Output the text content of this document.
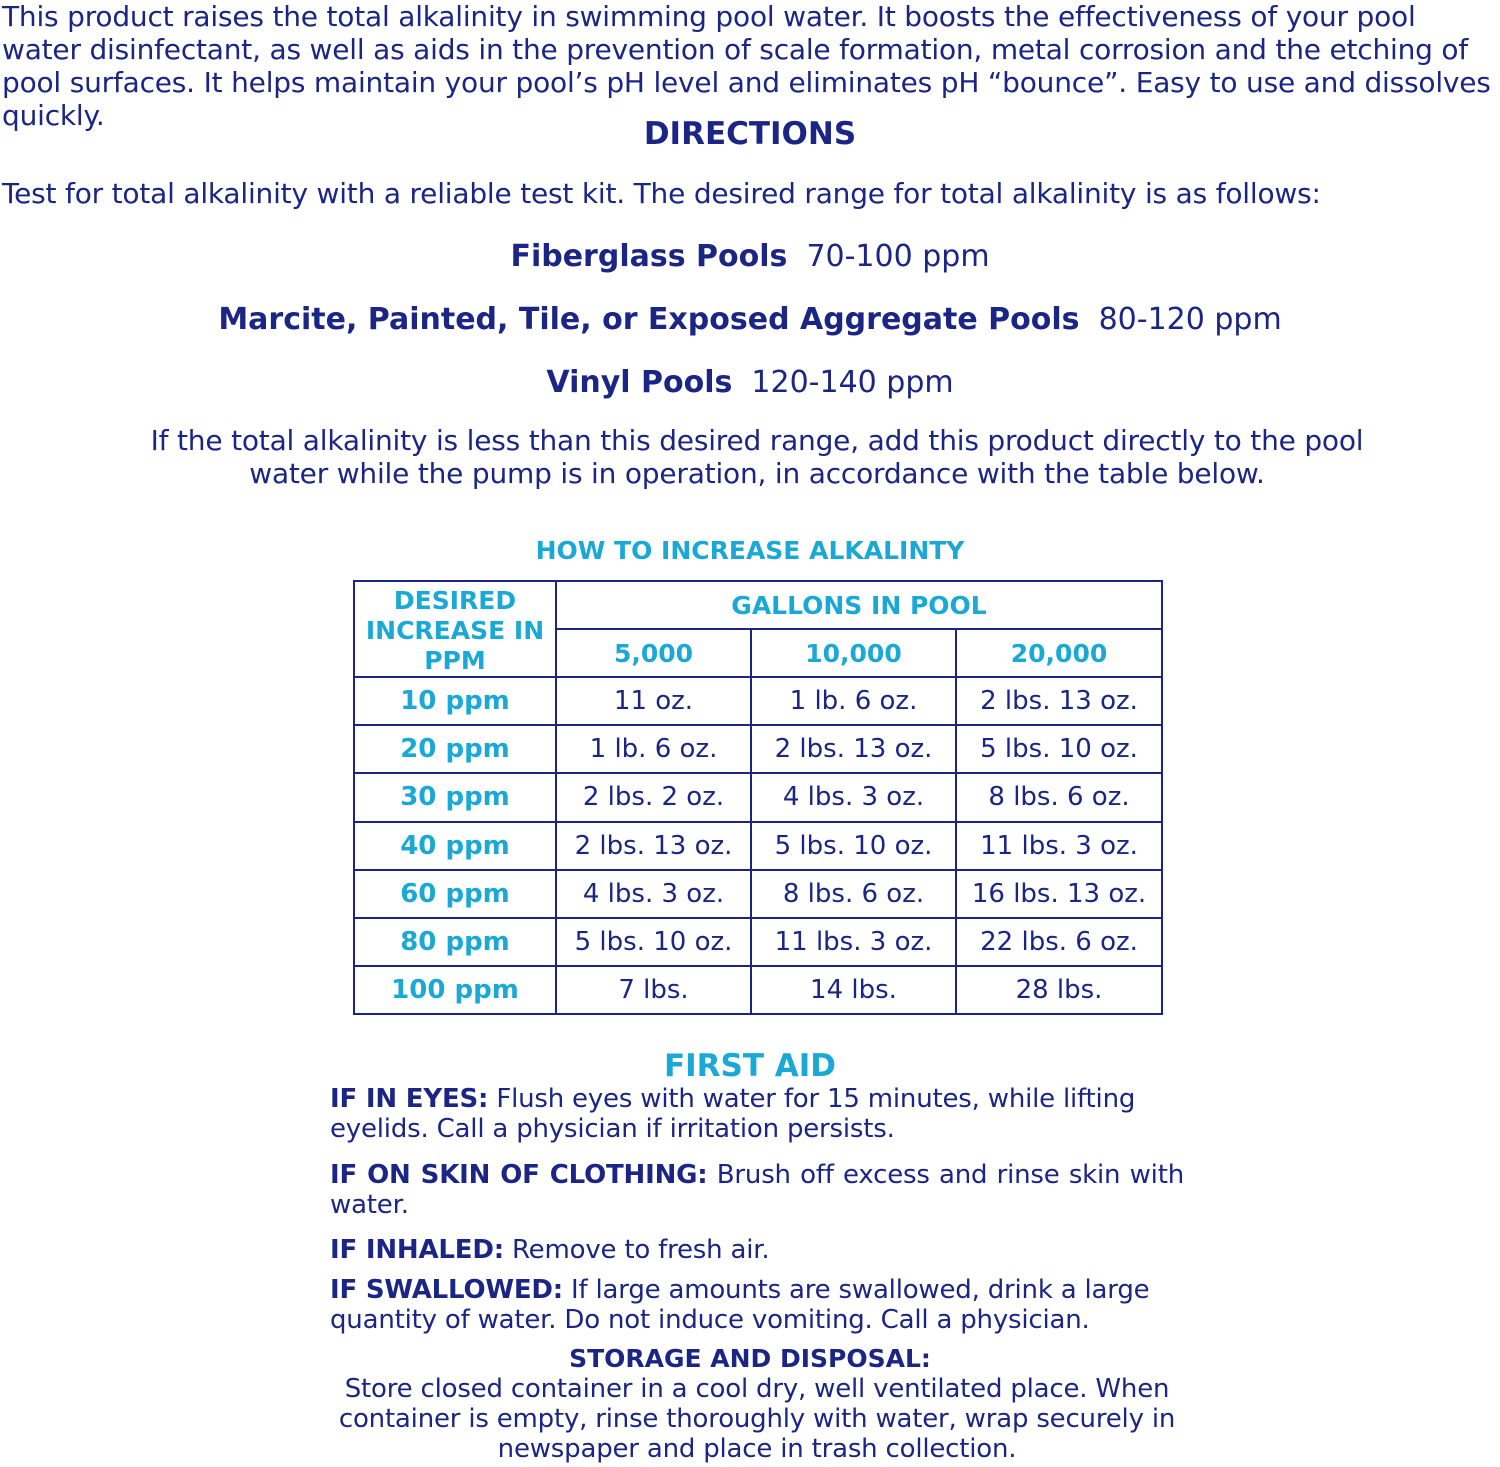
This product raises the total alkalinity in swimming pool water. It boosts the effectiveness of your pool water disinfectant, as well as aids in the prevention of scale formation, metal corrosion and the etching of pool surfaces. It helps maintain your pool’s pH level and eliminates pH “bounce”. Easy to use and dissolves quickly.
DIRECTIONS
Test for total alkalinity with a reliable test kit. The desired range for total alkalinity is as follows:
Fiberglass Pools 70-100 ppm
Marcite, Painted, Tile, or Exposed Aggregate Pools 80-120 ppm
Vinyl Pools 120-140 ppm
If the total alkalinity is less than this desired range, add this product directly to the pool water while the pump is in operation, in accordance with the table below.
HOW TO INCREASE ALKALINTY
DESIRED INCREASE IN PPM	GALLONS IN POOL		
	5,000	10,000	20,000
10 ppm	11 oz.	1 lb. 6 oz.	2 lbs. 13 oz.
20 ppm	1 lb. 6 oz.	2 lbs. 13 oz.	5 lbs. 10 oz.
30 ppm	2 lbs. 2 oz.	4 lbs. 3 oz.	8 lbs. 6 oz.
40 ppm	2 lbs. 13 oz.	5 lbs. 10 oz.	11 lbs. 3 oz.
60 ppm	4 lbs. 3 oz.	8 lbs. 6 oz.	16 lbs. 13 oz.
80 ppm	5 lbs. 10 oz.	11 lbs. 3 oz.	22 lbs. 6 oz.
100 ppm	7 lbs.	14 lbs.	28 lbs.
FIRST AID
IF IN EYES: Flush eyes with water for 15 minutes, while lifting eyelids. Call a physician if irritation persists.
IF ON SKIN OF CLOTHING: Brush off excess and rinse skin with water.
IF INHALED: Remove to fresh air.
IF SWALLOWED: If large amounts are swallowed, drink a large quantity of water. Do not induce vomiting. Call a physician.
STORAGE AND DISPOSAL:
Store closed container in a cool dry, well ventilated place. When container is empty, rinse thoroughly with water, wrap securely in newspaper and place in trash collection.
